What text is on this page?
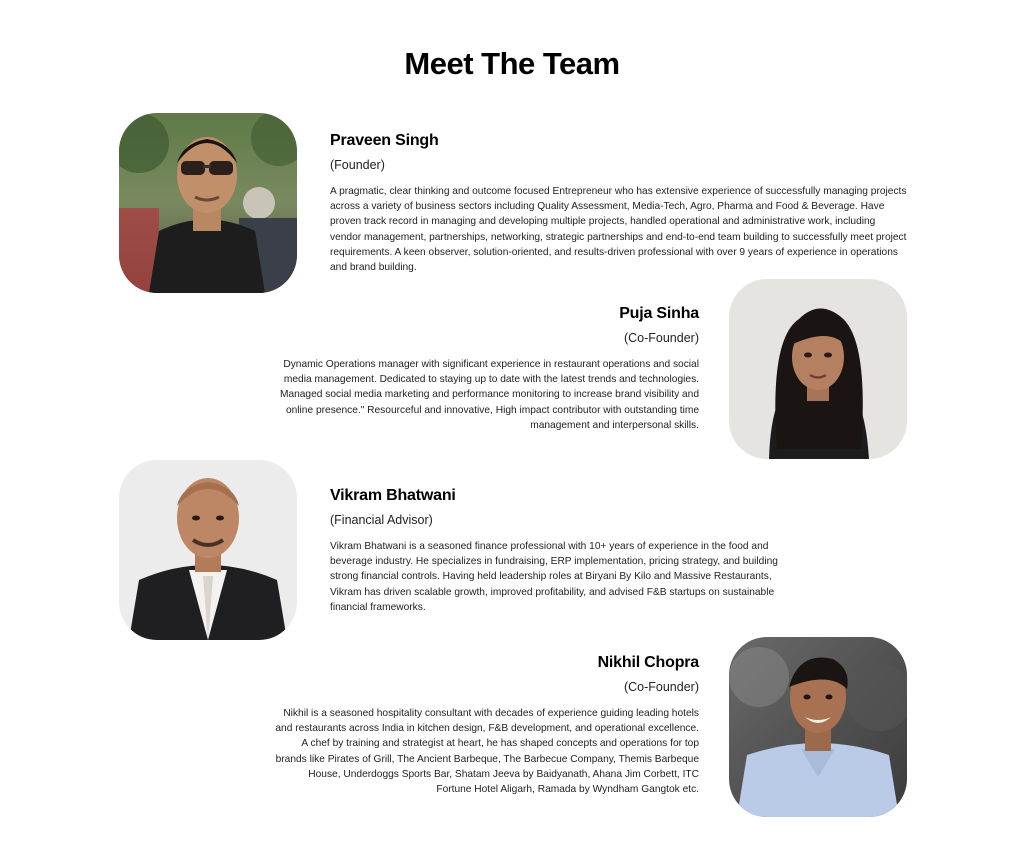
Meet The Team

Praveen Singh

(Founder)

A pragmatic, clear thinking and outcome focused Entrepreneur who has extensive experience of successfully managing projects across a variety of business sectors including Quality Assessment, Media-Tech, Agro, Pharma and Food & Beverage. Have proven track record in managing and developing multiple projects, handled operational and administrative work, including vendor management, partnerships, networking, strategic partnerships and end-to-end team building to successfully meet project requirements. A keen observer, solution-oriented, and results-driven professional with over 9 years of experience in operations and brand building.

Puja Sinha

(Co-Founder)

Dynamic Operations manager with significant experience in restaurant operations and social media management. Dedicated to staying up to date with the latest trends and technologies. Managed social media marketing and performance monitoring to increase brand visibility and online presence." Resourceful and innovative, High impact contributor with outstanding time management and interpersonal skills.

Vikram Bhatwani

(Financial Advisor)

Vikram Bhatwani is a seasoned finance professional with 10+ years of experience in the food and beverage industry. He specializes in fundraising, ERP implementation, pricing strategy, and building strong financial controls. Having held leadership roles at Biryani By Kilo and Massive Restaurants, Vikram has driven scalable growth, improved profitability, and advised F&B startups on sustainable financial frameworks.

Nikhil Chopra

(Co-Founder)

Nikhil is a seasoned hospitality consultant with decades of experience guiding leading hotels and restaurants across India in kitchen design, F&B development, and operational excellence. A chef by training and strategist at heart, he has shaped concepts and operations for top brands like Pirates of Grill, The Ancient Barbeque, The Barbecue Company, Themis Barbeque House, Underdoggs Sports Bar, Shatam Jeeva by Baidyanath, Ahana Jim Corbett, ITC Fortune Hotel Aligarh, Ramada by Wyndham Gangtok etc.
